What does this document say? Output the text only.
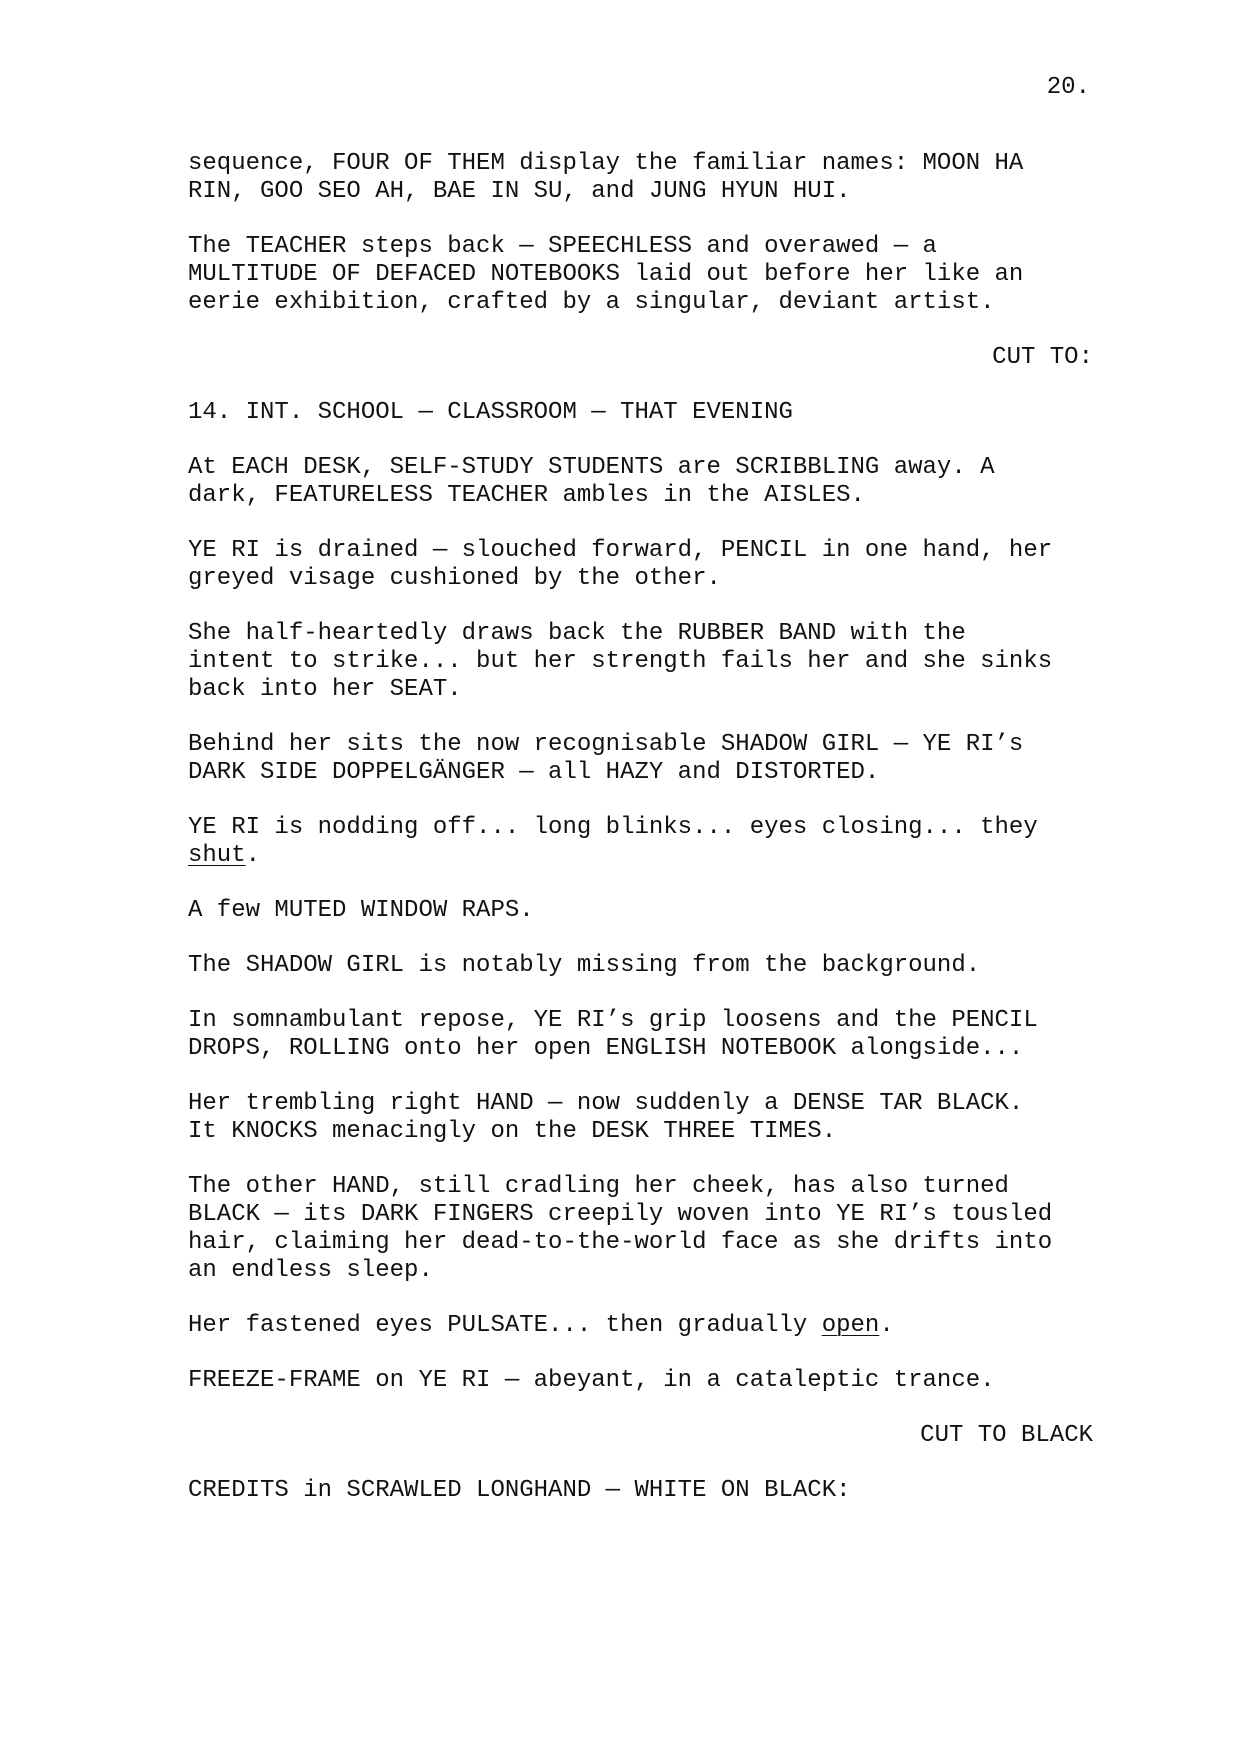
20.
sequence, FOUR OF THEM display the familiar names: MOON HA
RIN, GOO SEO AH, BAE IN SU, and JUNG HYUN HUI.
The TEACHER steps back — SPEECHLESS and overawed — a
MULTITUDE OF DEFACED NOTEBOOKS laid out before her like an
eerie exhibition, crafted by a singular, deviant artist.
CUT TO:
14. INT. SCHOOL — CLASSROOM — THAT EVENING
At EACH DESK, SELF-STUDY STUDENTS are SCRIBBLING away. A
dark, FEATURELESS TEACHER ambles in the AISLES.
YE RI is drained — slouched forward, PENCIL in one hand, her
greyed visage cushioned by the other.
She half-heartedly draws back the RUBBER BAND with the
intent to strike... but her strength fails her and she sinks
back into her SEAT.
Behind her sits the now recognisable SHADOW GIRL — YE RI’s
DARK SIDE DOPPELGÄNGER — all HAZY and DISTORTED.
YE RI is nodding off... long blinks... eyes closing... they
shut.
A few MUTED WINDOW RAPS.
The SHADOW GIRL is notably missing from the background.
In somnambulant repose, YE RI’s grip loosens and the PENCIL
DROPS, ROLLING onto her open ENGLISH NOTEBOOK alongside...
Her trembling right HAND — now suddenly a DENSE TAR BLACK.
It KNOCKS menacingly on the DESK THREE TIMES.
The other HAND, still cradling her cheek, has also turned
BLACK — its DARK FINGERS creepily woven into YE RI’s tousled
hair, claiming her dead-to-the-world face as she drifts into
an endless sleep.
Her fastened eyes PULSATE... then gradually open.
FREEZE-FRAME on YE RI — abeyant, in a cataleptic trance.
CUT TO BLACK
CREDITS in SCRAWLED LONGHAND — WHITE ON BLACK:
